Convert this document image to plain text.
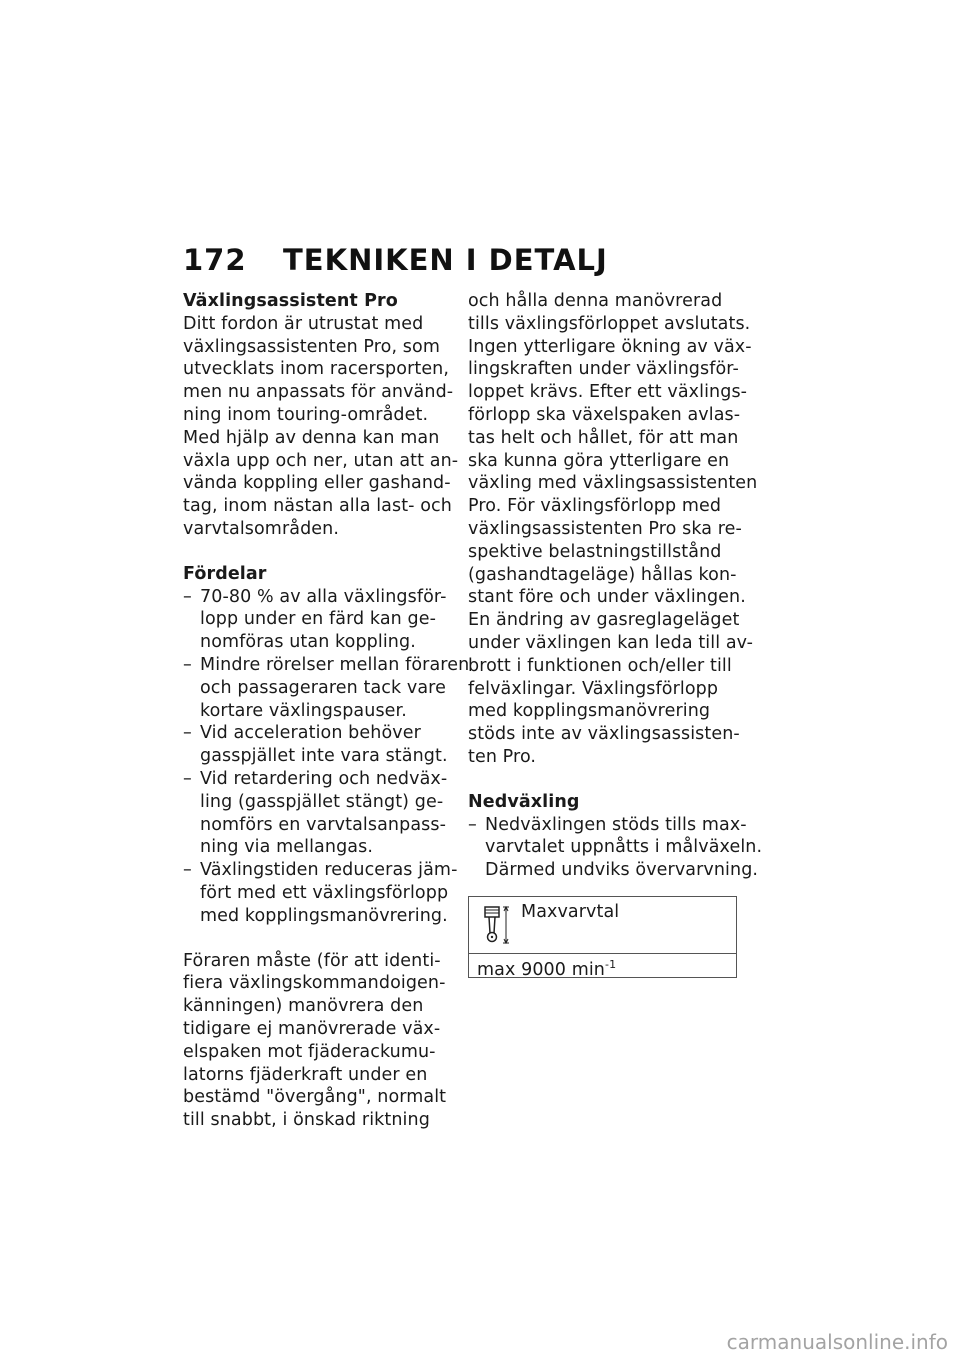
172 TEKNIKEN I DETALJ
Växlingsassistent Pro
Ditt fordon är utrustat med
växlingsassistenten Pro, som
utvecklats inom racersporten,
men nu anpassats för använd-
ning inom touring-området.
Med hjälp av denna kan man
växla upp och ner, utan att an-
vända koppling eller gashand-
tag, inom nästan alla last- och
varvtalsområden.
Fördelar
– 70-80 % av alla växlingsför-
lopp under en färd kan ge-
nomföras utan koppling.
– Mindre rörelser mellan föraren
och passageraren tack vare
kortare växlingspauser.
– Vid acceleration behöver
gasspjället inte vara stängt.
– Vid retardering och nedväx-
ling (gasspjället stängt) ge-
nomförs en varvtalsanpass-
ning via mellangas.
– Växlingstiden reduceras jäm-
fört med ett växlingsförlopp
med kopplingsmanövrering.
Föraren måste (för att identi-
fiera växlingskommandoigen-
känningen) manövrera den
tidigare ej manövrerade väx-
elspaken mot fjäderackumu-
latorns fjäderkraft under en
bestämd "övergång", normalt
till snabbt, i önskad riktning
och hålla denna manövrerad
tills växlingsförloppet avslutats.
Ingen ytterligare ökning av väx-
lingskraften under växlingsför-
loppet krävs. Efter ett växlings-
förlopp ska växelspaken avlas-
tas helt och hållet, för att man
ska kunna göra ytterligare en
växling med växlingsassistenten
Pro. För växlingsförlopp med
växlingsassistenten Pro ska re-
spektive belastningstillstånd
(gashandtageläge) hållas kon-
stant före och under växlingen.
En ändring av gasreglageläget
under växlingen kan leda till av-
brott i funktionen och/eller till
felväxlingar. Växlingsförlopp
med kopplingsmanövrering
stöds inte av växlingsassisten-
ten Pro.
Nedväxling
– Nedväxlingen stöds tills max-
varvtalet uppnåtts i målväxeln.
Därmed undviks övervarvning.
Maxvarvtal
max 9000 $\min^{-1}$
carmanualsonline.info
